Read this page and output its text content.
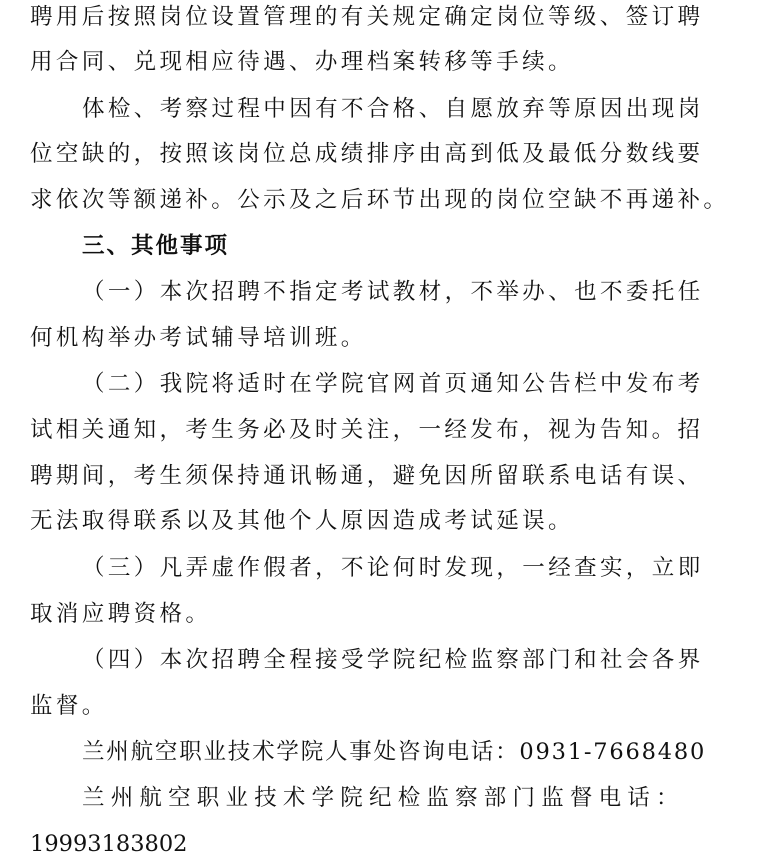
聘用后按照岗位设置管理的有关规定确定岗位等级、签订聘
用合同、兑现相应待遇、办理档案转移等手续。
体检、考察过程中因有不合格、自愿放弃等原因出现岗
位空缺的，按照该岗位总成绩排序由高到低及最低分数线要
求依次等额递补。公示及之后环节出现的岗位空缺不再递补。
三、其他事项
（一）本次招聘不指定考试教材，不举办、也不委托任
何机构举办考试辅导培训班。
（二）我院将适时在学院官网首页通知公告栏中发布考
试相关通知，考生务必及时关注，一经发布，视为告知。招
聘期间，考生须保持通讯畅通，避免因所留联系电话有误、
无法取得联系以及其他个人原因造成考试延误。
（三）凡弄虚作假者，不论何时发现，一经查实，立即
取消应聘资格。
（四）本次招聘全程接受学院纪检监察部门和社会各界
监督。
兰州航空职业技术学院人事处咨询电话：0931-7668480
兰州航空职业技术学院纪检监察部门监督电话：
19993183802
